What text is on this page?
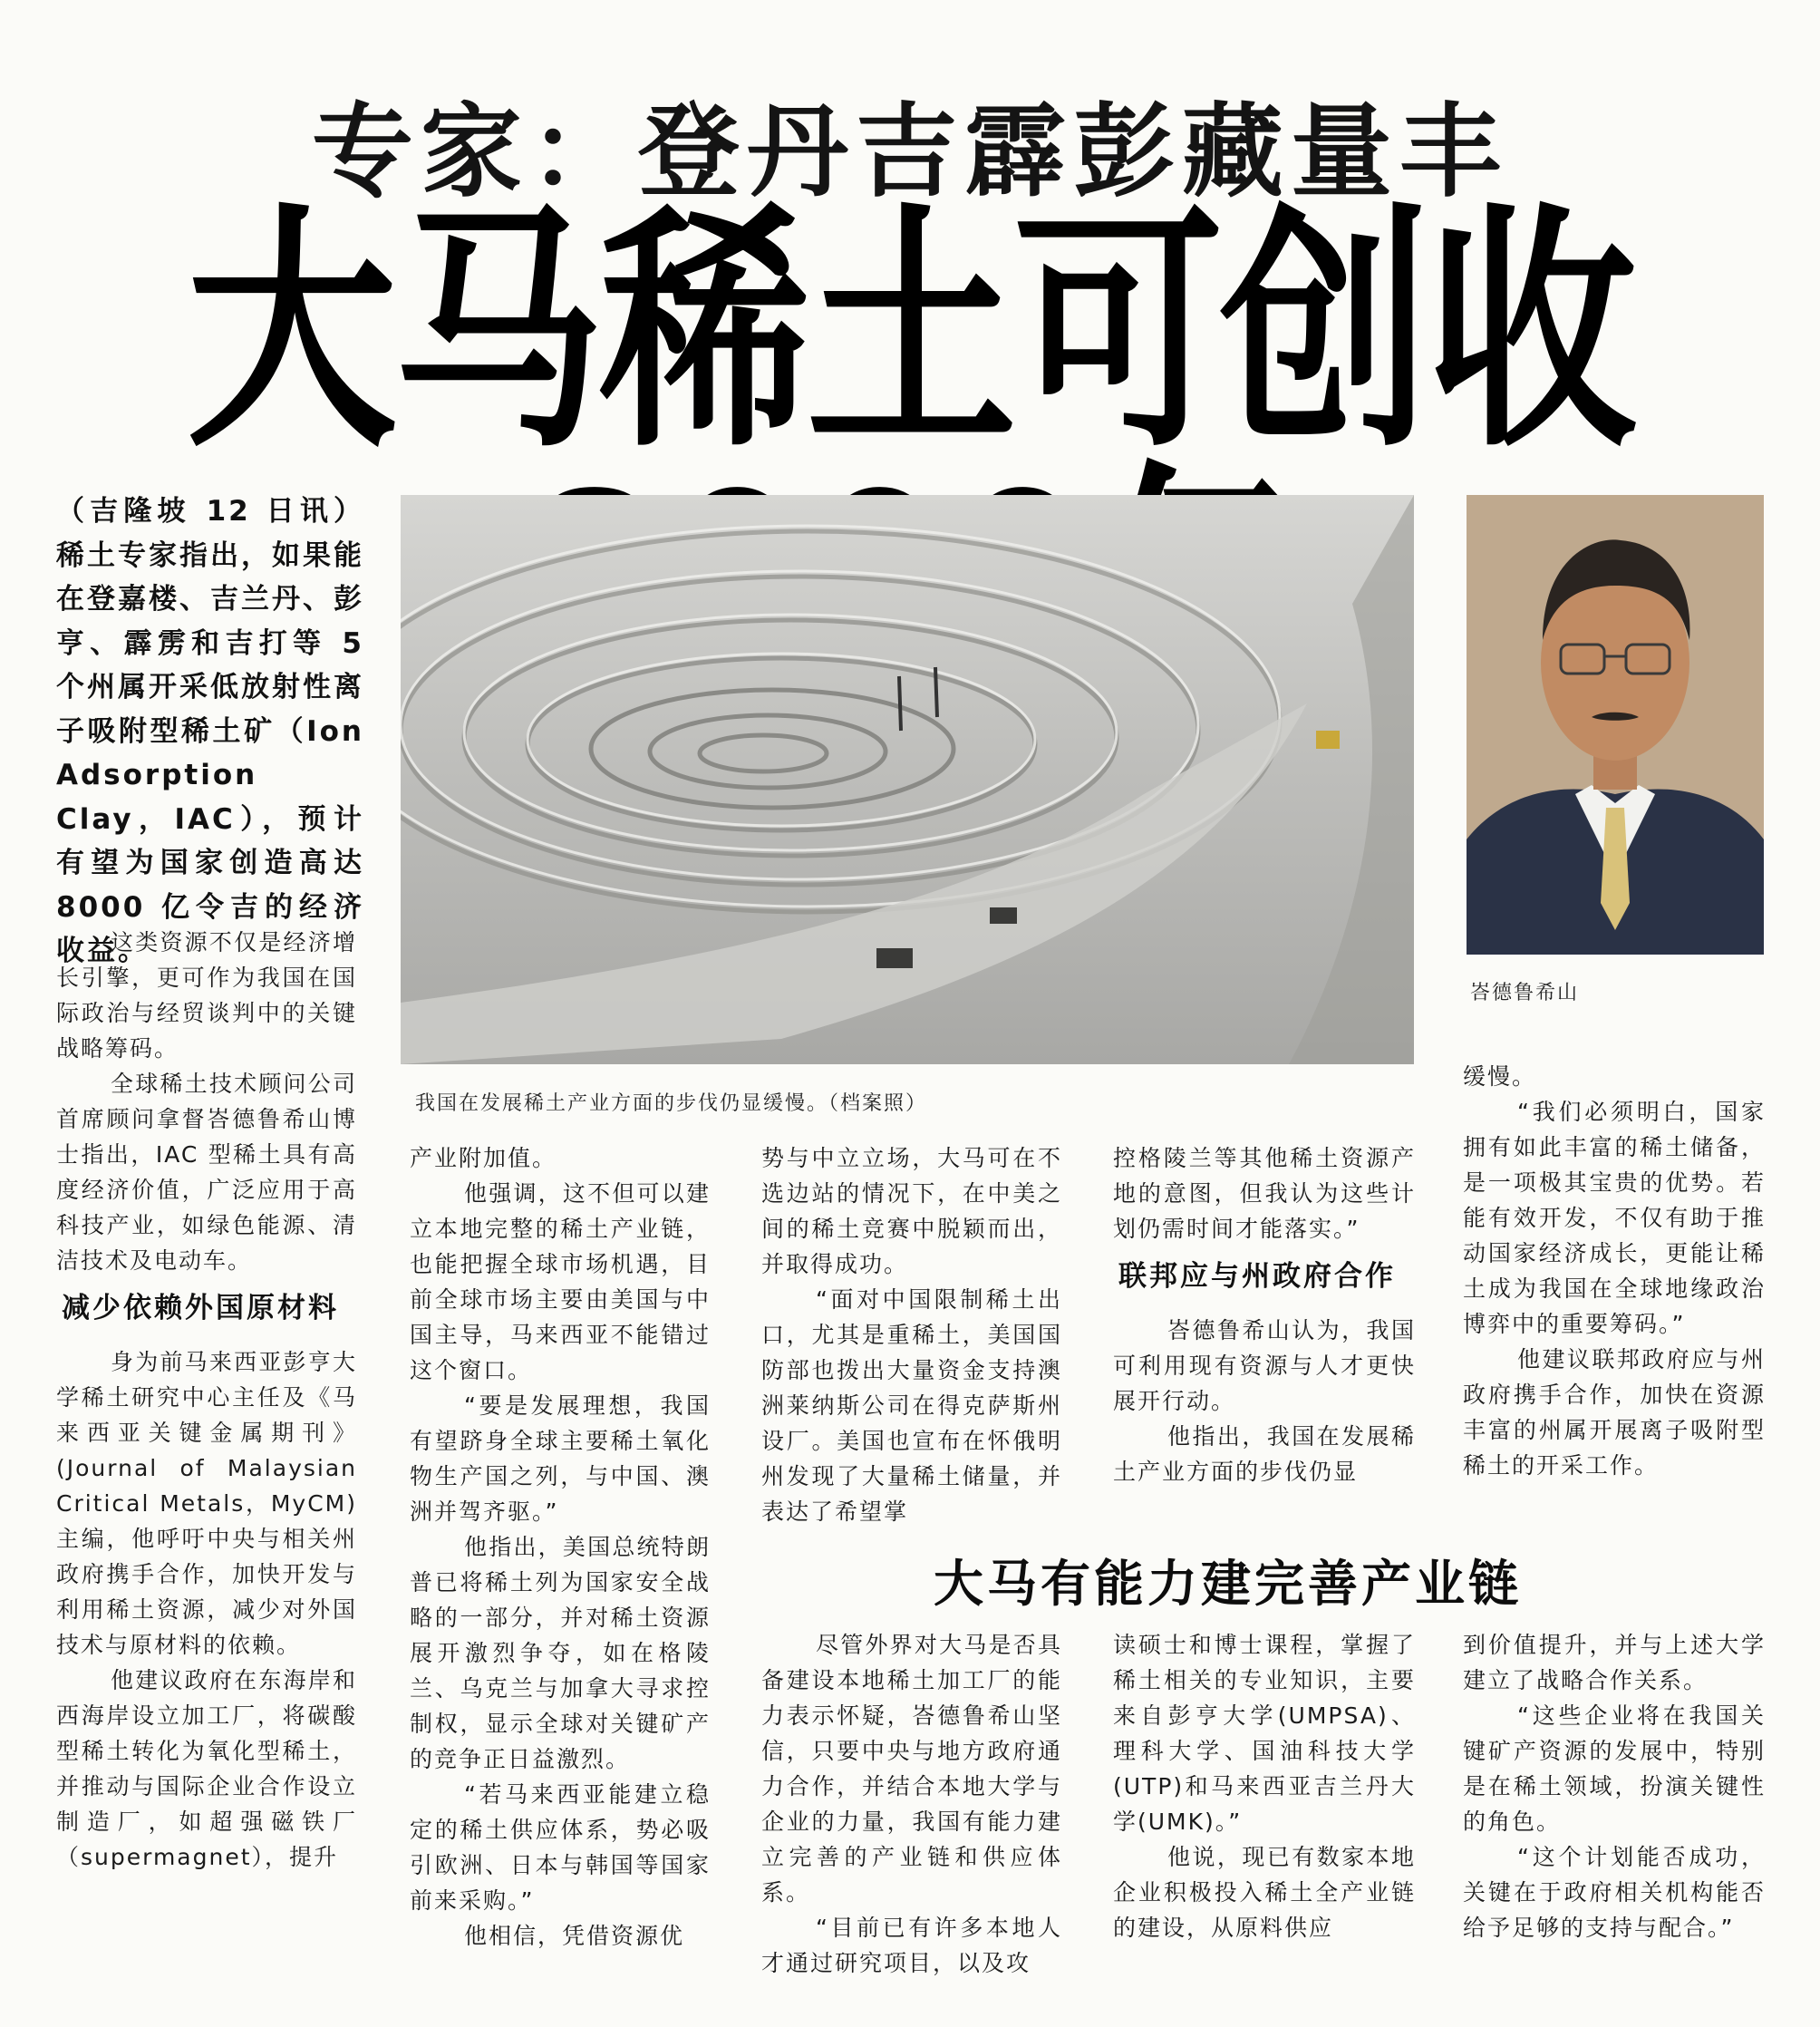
专家：登丹吉霹彭藏量丰
大马稀土可创收
（吉隆坡 12 日讯）稀土专家指出，如果能在登嘉楼、吉兰丹、彭亨、霹雳和吉打等 5 个州属开采低放射性离子吸附型稀土矿（Ion Adsorption Clay，IAC），预计有望为国家创造高达 8000 亿令吉的经济收益。
我国在发展稀土产业方面的步伐仍显缓慢。（档案照）
峇德鲁希山

这类资源不仅是经济增长引擎，更可作为我国在国际政治与经贸谈判中的关键战略筹码。

全球稀土技术顾问公司首席顾问拿督峇德鲁希山博士指出，IAC 型稀土具有高度经济价值，广泛应用于高科技产业，如绿色能源、清洁技术及电动车。

减少依赖外国原材料

身为前马来西亚彭亨大学稀土研究中心主任及《马来西亚关键金属期刊》(Journal of Malaysian Critical Metals，MyCM) 主编，他呼吁中央与相关州政府携手合作，加快开发与利用稀土资源，减少对外国技术与原材料的依赖。

他建议政府在东海岸和西海岸设立加工厂，将碳酸型稀土转化为氧化型稀土，并推动与国际企业合作设立制造厂，如超强磁铁厂（supermagnet），提升

产业附加值。

他强调，这不但可以建立本地完整的稀土产业链，也能把握全球市场机遇，目前全球市场主要由美国与中国主导，马来西亚不能错过这个窗口。

“要是发展理想，我国有望跻身全球主要稀土氧化物生产国之列，与中国、澳洲并驾齐驱。”

他指出，美国总统特朗普已将稀土列为国家安全战略的一部分，并对稀土资源展开激烈争夺，如在格陵兰、乌克兰与加拿大寻求控制权，显示全球对关键矿产的竞争正日益激烈。

“若马来西亚能建立稳定的稀土供应体系，势必吸引欧洲、日本与韩国等国家前来采购。”

他相信，凭借资源优

势与中立立场，大马可在不选边站的情况下，在中美之间的稀土竞赛中脱颖而出，并取得成功。

“面对中国限制稀土出口，尤其是重稀土，美国国防部也拨出大量资金支持澳洲莱纳斯公司在得克萨斯州设厂。美国也宣布在怀俄明州发现了大量稀土储量，并表达了希望掌

控格陵兰等其他稀土资源产地的意图，但我认为这些计划仍需时间才能落实。”

联邦应与州政府合作

峇德鲁希山认为，我国可利用现有资源与人才更快展开行动。

他指出，我国在发展稀土产业方面的步伐仍显

缓慢。

“我们必须明白，国家拥有如此丰富的稀土储备，是一项极其宝贵的优势。若能有效开发，不仅有助于推动国家经济成长，更能让稀土成为我国在全球地缘政治博弈中的重要筹码。”

他建议联邦政府应与州政府携手合作，加快在资源丰富的州属开展离子吸附型稀土的开采工作。

大马有能力建完善产业链

尽管外界对大马是否具备建设本地稀土加工厂的能力表示怀疑，峇德鲁希山坚信，只要中央与地方政府通力合作，并结合本地大学与企业的力量，我国有能力建立完善的产业链和供应体系。

“目前已有许多本地人才通过研究项目，以及攻

读硕士和博士课程，掌握了稀土相关的专业知识，主要来自彭亨大学(UMPSA)、理科大学、国油科技大学(UTP)和马来西亚吉兰丹大学(UMK)。”

他说，现已有数家本地企业积极投入稀土全产业链的建设，从原料供应

到价值提升，并与上述大学建立了战略合作关系。

“这些企业将在我国关键矿产资源的发展中，特别是在稀土领域，扮演关键性的角色。

“这个计划能否成功，关键在于政府相关机构能否给予足够的支持与配合。”
